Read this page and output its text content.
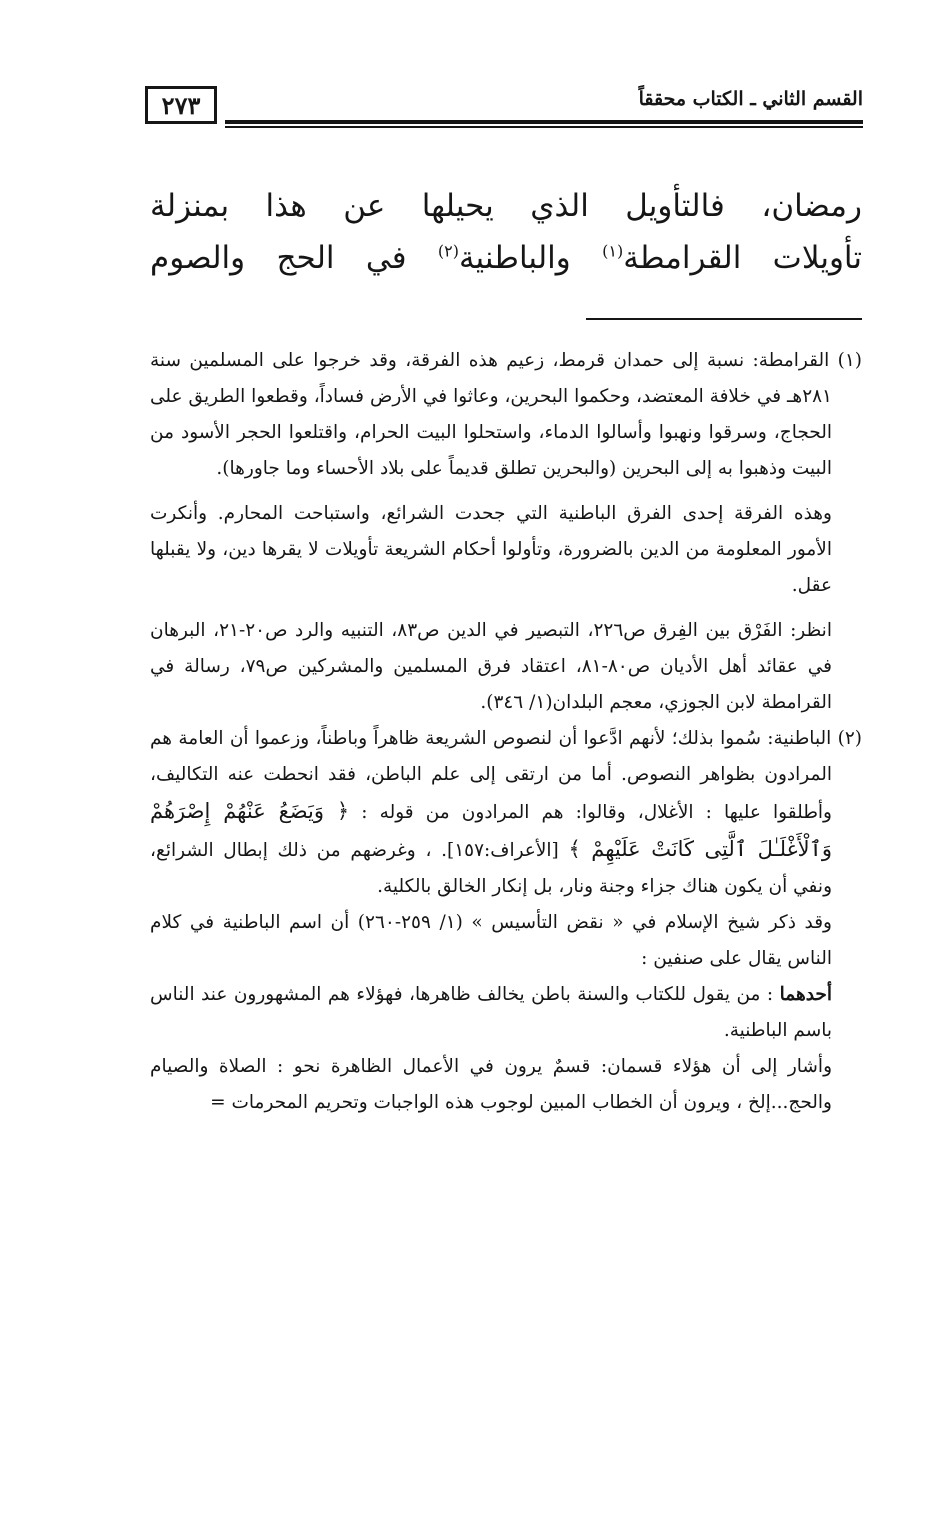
٢٧٣	القسم الثاني ـ الكتاب محققاً

رمضان، فالتأويل الذي يحيلها عن هذا بمنزلة

تأويلات القرامطة$^{(١)}$ والباطنية$^{(٢)}$ في الحج والصوم

(١) القرامطة: نسبة إلى حمدان قرمط، زعيم هذه الفرقة، وقد خرجوا على المسلمين سنة ٢٨١هـ في خلافة المعتضد، وحكموا البحرين، وعاثوا في الأرض فساداً، وقطعوا الطريق على الحجاج، وسرقوا ونهبوا وأسالوا الدماء، واستحلوا البيت الحرام، واقتلعوا الحجر الأسود من البيت وذهبوا به إلى البحرين (والبحرين تطلق قديماً على بلاد الأحساء وما جاورها).

وهذه الفرقة إحدى الفرق الباطنية التي جحدت الشرائع، واستباحت المحارم. وأنكرت الأمور المعلومة من الدين بالضرورة، وتأولوا أحكام الشريعة تأويلات لا يقرها دين، ولا يقبلها عقل.

انظر: الفَرْق بين الفِرق ص٢٢٦، التبصير في الدين ص٨٣، التنبيه والرد ص٢٠-٢١، البرهان في عقائد أهل الأديان ص٨٠-٨١، اعتقاد فرق المسلمين والمشركين ص٧٩، رسالة في القرامطة لابن الجوزي، معجم البلدان(١/ ٣٤٦).

(٢) الباطنية: سُموا بذلك؛ لأنهم ادَّعوا أن لنصوص الشريعة ظاهراً وباطناً، وزعموا أن العامة هم المرادون بظواهر النصوص. أما من ارتقى إلى علم الباطن، فقد انحطت عنه التكاليف، وأطلقوا عليها : الأغلال، وقالوا: هم المرادون من قوله : ﴿ وَيَضَعُ عَنْهُمْ إِصْرَهُمْ وَٱلْأَغْلَـٰلَ ٱلَّتِى كَانَتْ عَلَيْهِمْ ﴾ [الأعراف:١٥٧]. ، وغرضهم من ذلك إبطال الشرائع، ونفي أن يكون هناك جزاء وجنة ونار، بل إنكار الخالق بالكلية.

وقد ذكر شيخ الإسلام في « نقض التأسيس » (١/ ٢٥٩-٢٦٠) أن اسم الباطنية في كلام الناس يقال على صنفين :

أحدهما : من يقول للكتاب والسنة باطن يخالف ظاهرها، فهؤلاء هم المشهورون عند الناس باسم الباطنية.

وأشار إلى أن هؤلاء قسمان: قسمٌ يرون في الأعمال الظاهرة نحو : الصلاة والصيام والحج...إلخ ، ويرون أن الخطاب المبين لوجوب هذه الواجبات وتحريم المحرمات =
